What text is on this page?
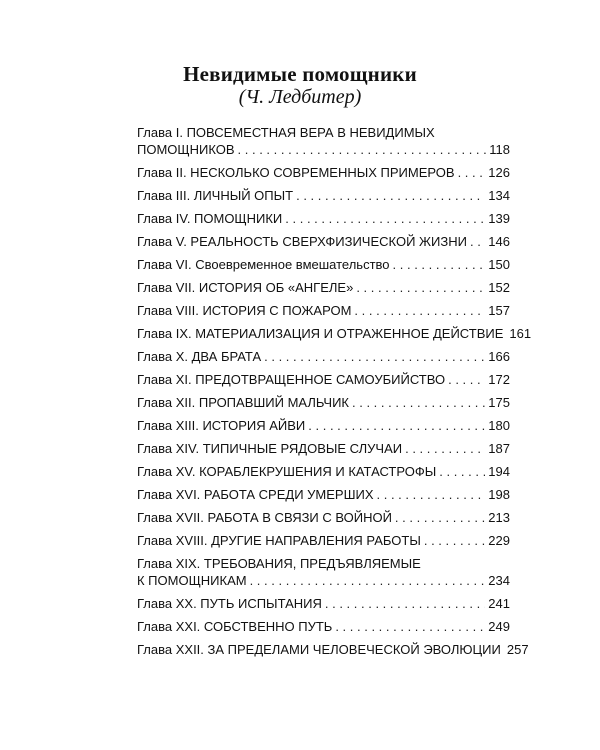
Невидимые помощники
(Ч. Ледбитер)
Глава I. ПОВСЕМЕСТНАЯ ВЕРА В НЕВИДИМЫХ
ПОМОЩНИКОВ . . .	118
Глава II. НЕСКОЛЬКО СОВРЕМЕННЫХ ПРИМЕРОВ . . .	126
Глава III. ЛИЧНЫЙ ОПЫТ . . .	134
Глава IV. ПОМОЩНИКИ . . .	139
Глава V. РЕАЛЬНОСТЬ СВЕРХФИЗИЧЕСКОЙ ЖИЗНИ . . . 146
Глава VI. Своевременное вмешательство . . .	150
Глава VII. ИСТОРИЯ ОБ «АНГЕЛЕ» . . .	152
Глава VIII. ИСТОРИЯ С ПОЖАРОМ . . .	157
Глава IX. МАТЕРИАЛИЗАЦИЯ И ОТРАЖЕННОЕ ДЕЙСТВИЕ 161
Глава X. ДВА БРАТА . . .	166
Глава XI. ПРЕДОТВРАЩЕННОЕ САМОУБИЙСТВО . . .	172
Глава XII. ПРОПАВШИЙ МАЛЬЧИК . . .	175
Глава XIII. ИСТОРИЯ АЙВИ . . .	180
Глава XIV. ТИПИЧНЫЕ РЯДОВЫЕ СЛУЧАИ . . .	187
Глава XV. КОРАБЛЕКРУШЕНИЯ И КАТАСТРОФЫ . . .	194
Глава XVI. РАБОТА СРЕДИ УМЕРШИХ . . .	198
Глава XVII. РАБОТА В СВЯЗИ С ВОЙНОЙ . . .	213
Глава XVIII. ДРУГИЕ НАПРАВЛЕНИЯ РАБОТЫ . . .	229
Глава XIX. ТРЕБОВАНИЯ, ПРЕДЪЯВЛЯЕМЫЕ
К ПОМОЩНИКАМ . . .	234
Глава XX. ПУТЬ ИСПЫТАНИЯ . . .	241
Глава XXI. СОБСТВЕННО ПУТЬ . . .	249
Глава XXII. ЗА ПРЕДЕЛАМИ ЧЕЛОВЕЧЕСКОЙ ЭВОЛЮЦИИ 257
